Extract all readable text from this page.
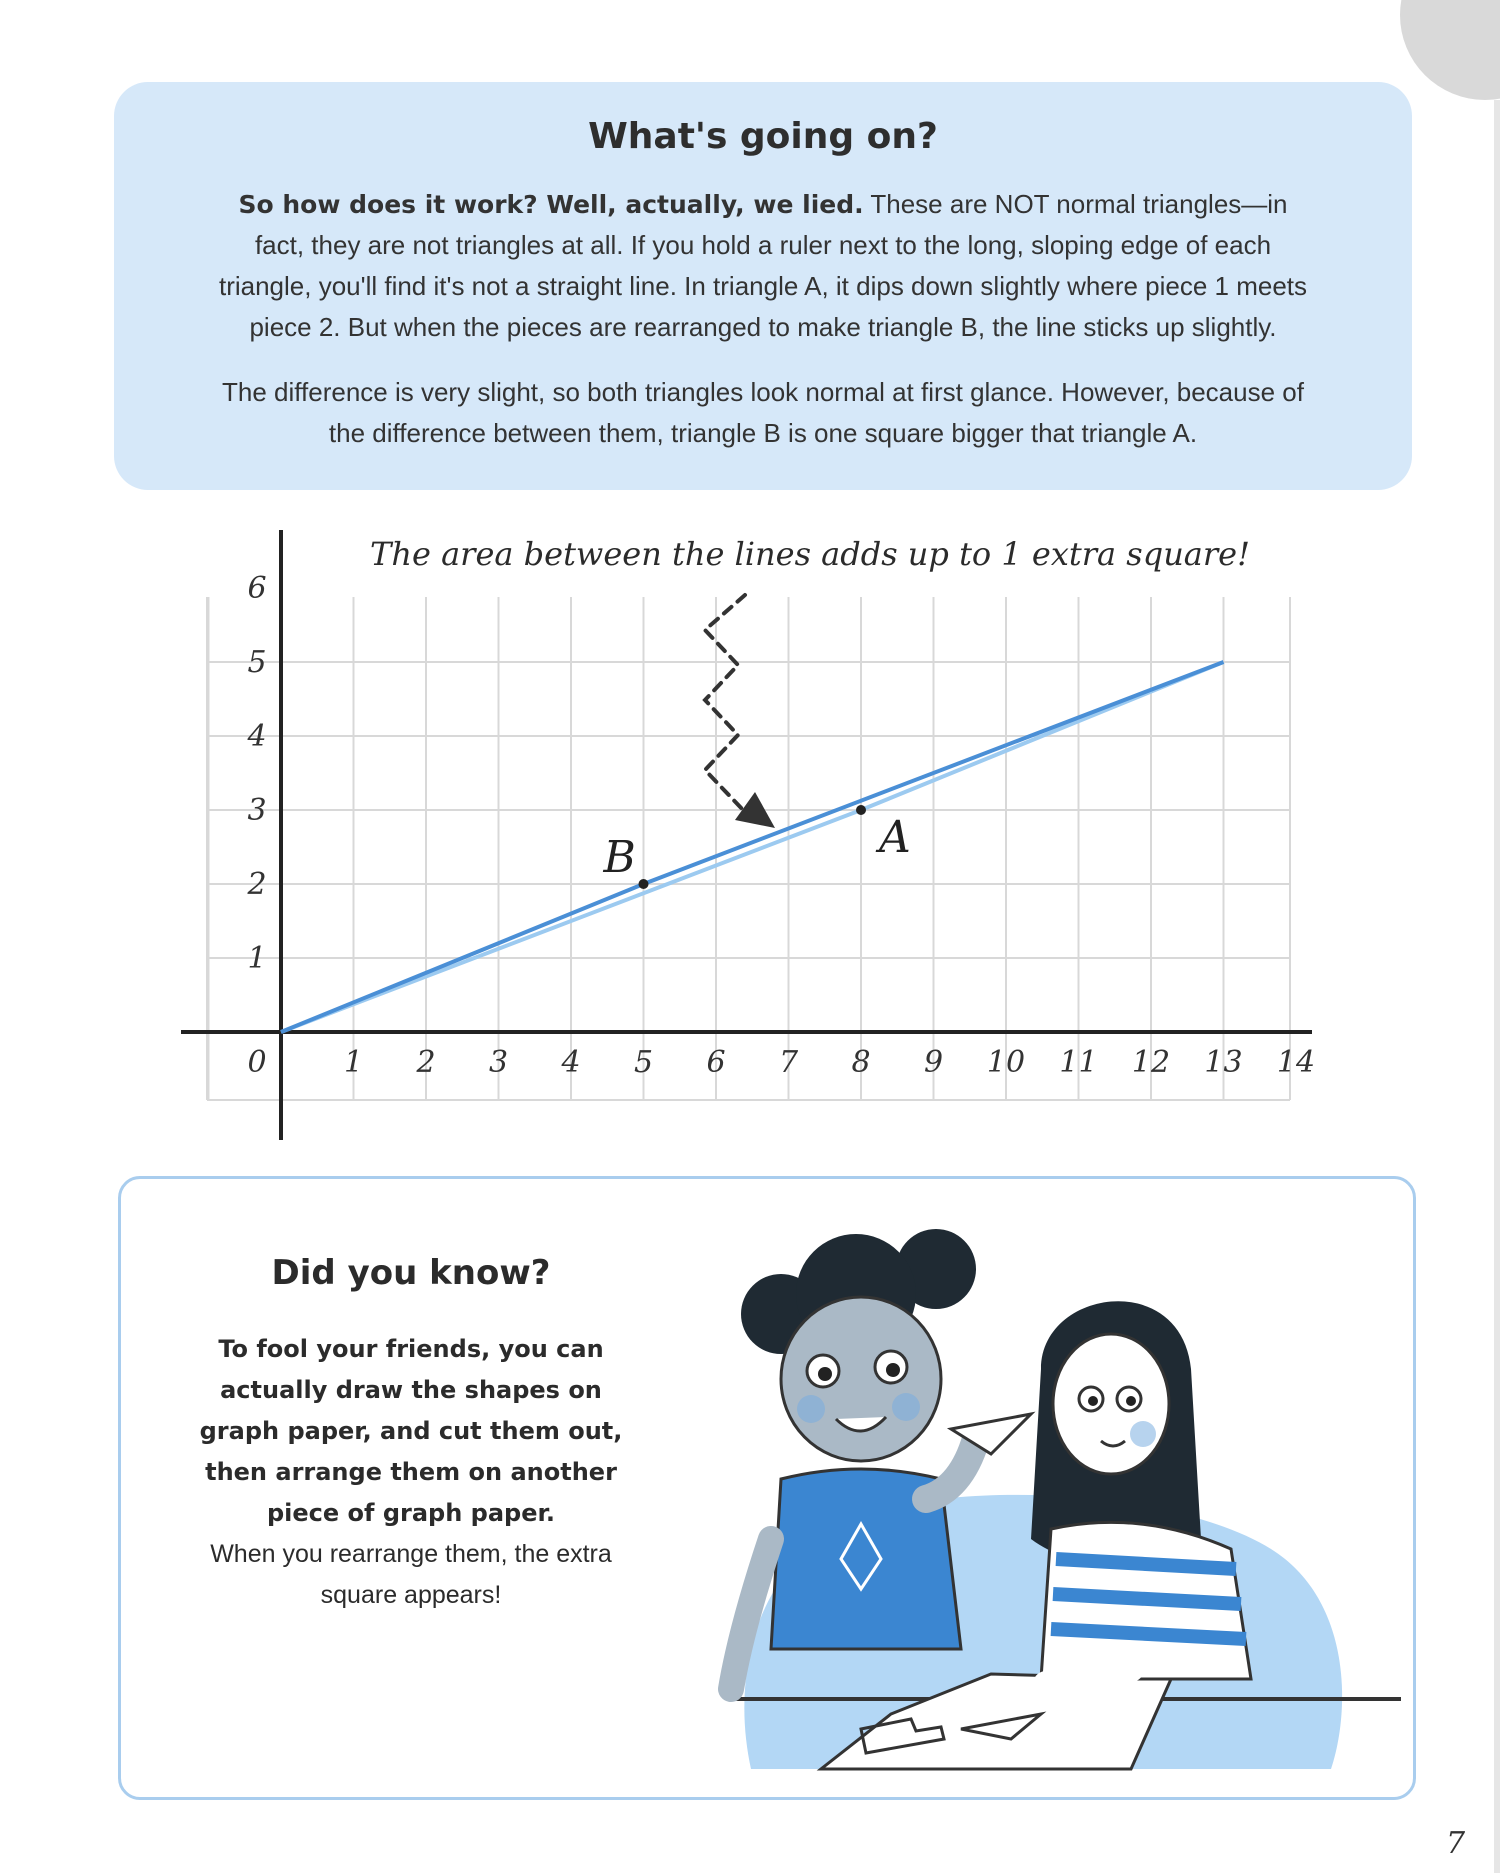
What's going on?
So how does it work? Well, actually, we lied. These are NOT normal triangles—in fact, they are not triangles at all. If you hold a ruler next to the long, sloping edge of each triangle, you'll find it's not a straight line. In triangle A, it dips down slightly where piece 1 meets piece 2. But when the pieces are rearranged to make triangle B, the line sticks up slightly.
The difference is very slight, so both triangles look normal at first glance. However, because of the difference between them, triangle B is one square bigger that triangle A.
B	A
1 2 3 4 5 6 7 8 9 10 11 12 13 14
1
2
3
4
5
6
0
The area between the lines adds up to 1 extra square!
Did you know?
To fool your friends, you can actually draw the shapes on graph paper, and cut them out, then arrange them on another piece of graph paper.
When you rearrange them, the extra square appears!
7
